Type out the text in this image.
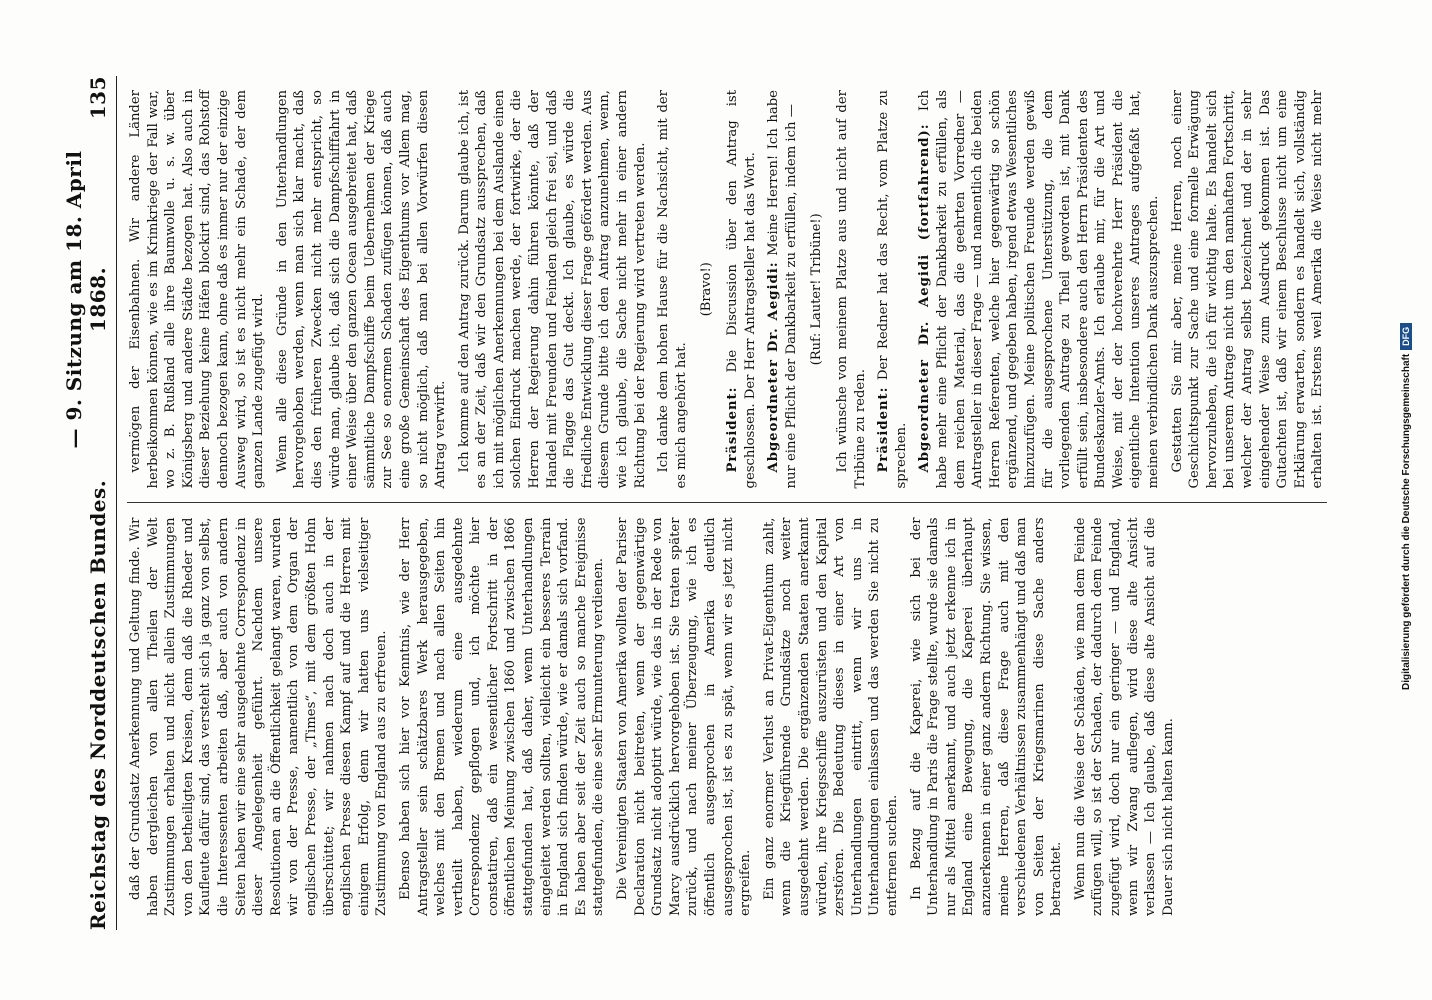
Reichstag des Norddeutschen Bundes.
— 9. Sitzung am 18. April 1868.
135

daß der Grundsatz Anerkennung und Geltung finde. Wir haben dergleichen von allen Theilen der Welt Zustimmungen erhalten und nicht allein Zustimmungen von den betheiligten Kreisen, denn daß die Rheder und Kaufleute dafür sind, das versteht sich ja ganz von selbst, die Interessenten arbeiten daß, aber auch von andern Seiten haben wir eine sehr ausgedehnte Correspondenz in dieser Angelegenheit geführt. Nachdem unsere Resolutionen an die Öffentlichkeit gelangt waren, wurden wir von der Presse, namentlich von dem Organ der englischen Presse, der „Times“, mit dem größten Hohn überschüttet; wir nahmen nach doch auch in der englischen Presse diesen Kampf auf und die Herren mit einigem Erfolg, denn wir hatten uns vielseitiger Zustimmung von England aus zu erfreuen. Ebenso haben sich hier vor Kenntnis, wie der Herr Antragsteller sein schätzbares Werk herausgegeben, welches mit den Bremen und nach allen Seiten hin vertheilt haben, wiederum eine ausgedehnte Correspondenz gepflogen und, ich möchte hier constatiren, daß ein wesentlicher Fortschritt in der öffentlichen Meinung zwischen 1860 und zwischen 1866 stattgefunden hat, daß daher, wenn Unterhandlungen eingeleitet werden sollten, vielleicht ein besseres Terrain in England sich finden würde, wie er damals sich vorfand. Es haben aber seit der Zeit auch so manche Ereignisse stattgefunden, die eine sehr Ermunterung verdienen. Die Vereinigten Staaten von Amerika wollten der Pariser Declaration nicht beitreten, wenn der gegenwärtige Grundsatz nicht adoptirt würde, wie das in der Rede von Marcy ausdrücklich hervorgehoben ist. Sie traten später zurück, und nach meiner Überzeugung, wie ich es öffentlich ausgesprochen in Amerika deutlich ausgesprochen ist, ist es zu spät, wenn wir es jetzt nicht ergreifen. Ein ganz enormer Verlust an Privat-Eigenthum zahlt, wenn die Kriegführende Grundsätze noch weiter ausgedehnt werden. Die ergänzenden Staaten anerkannt würden, ihre Kriegsschiffe auszurüsten und den Kapital zerstören. Die Bedeutung dieses in einer Art von Unterhandlungen eintritt, wenn wir uns in Unterhandlungen einlassen und das werden Sie nicht zu entfernen suchen. In Bezug auf die Kaperei, wie sich bei der Unterhandlung in Paris die Frage stellte, wurde sie damals nur als Mittel anerkannt, und auch jetzt erkenne ich in England eine Bewegung, die Kaperei überhaupt anzuerkennen in einer ganz andern Richtung. Sie wissen, meine Herren, daß diese Frage auch mit den verschiedenen Verhältnissen zusammenhängt und daß man von Seiten der Kriegsmarinen diese Sache anders betrachtet. Wenn nun die Weise der Schäden, wie man dem Feinde zufügen will, so ist der Schaden, der dadurch dem Feinde zugefügt wird, doch nur ein geringer — und England, wenn wir Zwang auflegen, wird diese alte Ansicht verlassen — Ich glaube, daß diese alte Ansicht auf die Dauer sich nicht halten kann.

vermögen der Eisenbahnen. Wir andere Länder herbeikommen können, wie es im Krimkriege der Fall war, wo z. B. Rußland alle ihre Baumwolle u. s. w. über Königsberg und andere Städte bezogen hat. Also auch in dieser Beziehung keine Häfen blockirt sind, das Rohstoff dennoch bezogen kann, ohne daß es immer nur der einzige Ausweg wird, so ist es nicht mehr ein Schade, der dem ganzen Lande zugefügt wird. Wenn alle diese Gründe in den Unterhandlungen hervorgehoben werden, wenn man sich klar macht, daß dies den früheren Zwecken nicht mehr entspricht, so würde man, glaube ich, daß sich die Dampfschifffahrt in einer Weise über den ganzen Ocean ausgebreitet hat, daß sämmtliche Dampfschiffe beim Uebernehmen der Kriege zur See so enormen Schaden zufügen können, daß auch eine große Gemeinschaft des Eigenthums vor Allem mag, so nicht möglich, daß man bei allen Vorwürfen diesen Antrag verwirft. Ich komme auf den Antrag zurück. Darum glaube ich, ist es an der Zeit, daß wir den Grundsatz aussprechen, daß ich mit möglichen Anerkennungen bei dem Auslande einen solchen Eindruck machen werde, der fortwirke, der die Herren der Regierung dahin führen könnte, daß der Handel mit Freunden und Feinden gleich frei sei, und daß die Flagge das Gut deckt. Ich glaube, es würde die friedliche Entwicklung dieser Frage gefördert werden. Aus diesem Grunde bitte ich den Antrag anzunehmen, wenn, wie ich glaube, die Sache nicht mehr in einer andern Richtung bei der Regierung wird vertreten werden. Ich danke dem hohen Hause für die Nachsicht, mit der es mich angehört hat.

(Bravo!)

Präsident: Die Discussion über den Antrag ist geschlossen. Der Herr Antragsteller hat das Wort. Abgeordneter Dr. Aegidi: Meine Herren! Ich habe nur eine Pflicht der Dankbarkeit zu erfüllen, indem ich — (Ruf: Lauter! Tribüne!) Ich wünsche von meinem Platze aus und nicht auf der Tribüne zu reden. Präsident: Der Redner hat das Recht, vom Platze zu sprechen. Abgeordneter Dr. Aegidi (fortfahrend): Ich habe mehr eine Pflicht der Dankbarkeit zu erfüllen, als dem reichen Material, das die geehrten Vorredner — Antragsteller in dieser Frage — und namentlich die beiden Herren Referenten, welche hier gegenwärtig so schön ergänzend, und gegeben haben, irgend etwas Wesentliches hinzuzufügen. Meine politischen Freunde werden gewiß für die ausgesprochene Unterstützung, die dem vorliegenden Antrage zu Theil geworden ist, mit Dank erfüllt sein, insbesondere auch den Herrn Präsidenten des Bundeskanzler-Amts. Ich erlaube mir, für die Art und Weise, mit der der hochverehrte Herr Präsident die eigentliche Intention unseres Antrages aufgefaßt hat, meinen verbindlichen Dank auszusprechen. Gestatten Sie mir aber, meine Herren, noch einer Geschichtspunkt zur Sache und eine formelle Erwägung hervorzuheben, die ich für wichtig halte. Es handelt sich bei unserem Antrage nicht um den namhaften Fortschritt, welcher der Antrag selbst bezeichnet und der in sehr eingehender Weise zum Ausdruck gekommen ist. Das Gutachten ist, daß wir einem Beschlusse nicht um eine Erklärung erwarten, sondern es handelt sich, vollständig erhalten ist. Erstens weil Amerika die Weise nicht mehr

Digitalisierung gefördert durch die Deutsche ForschungsgemeinschaftDFG
